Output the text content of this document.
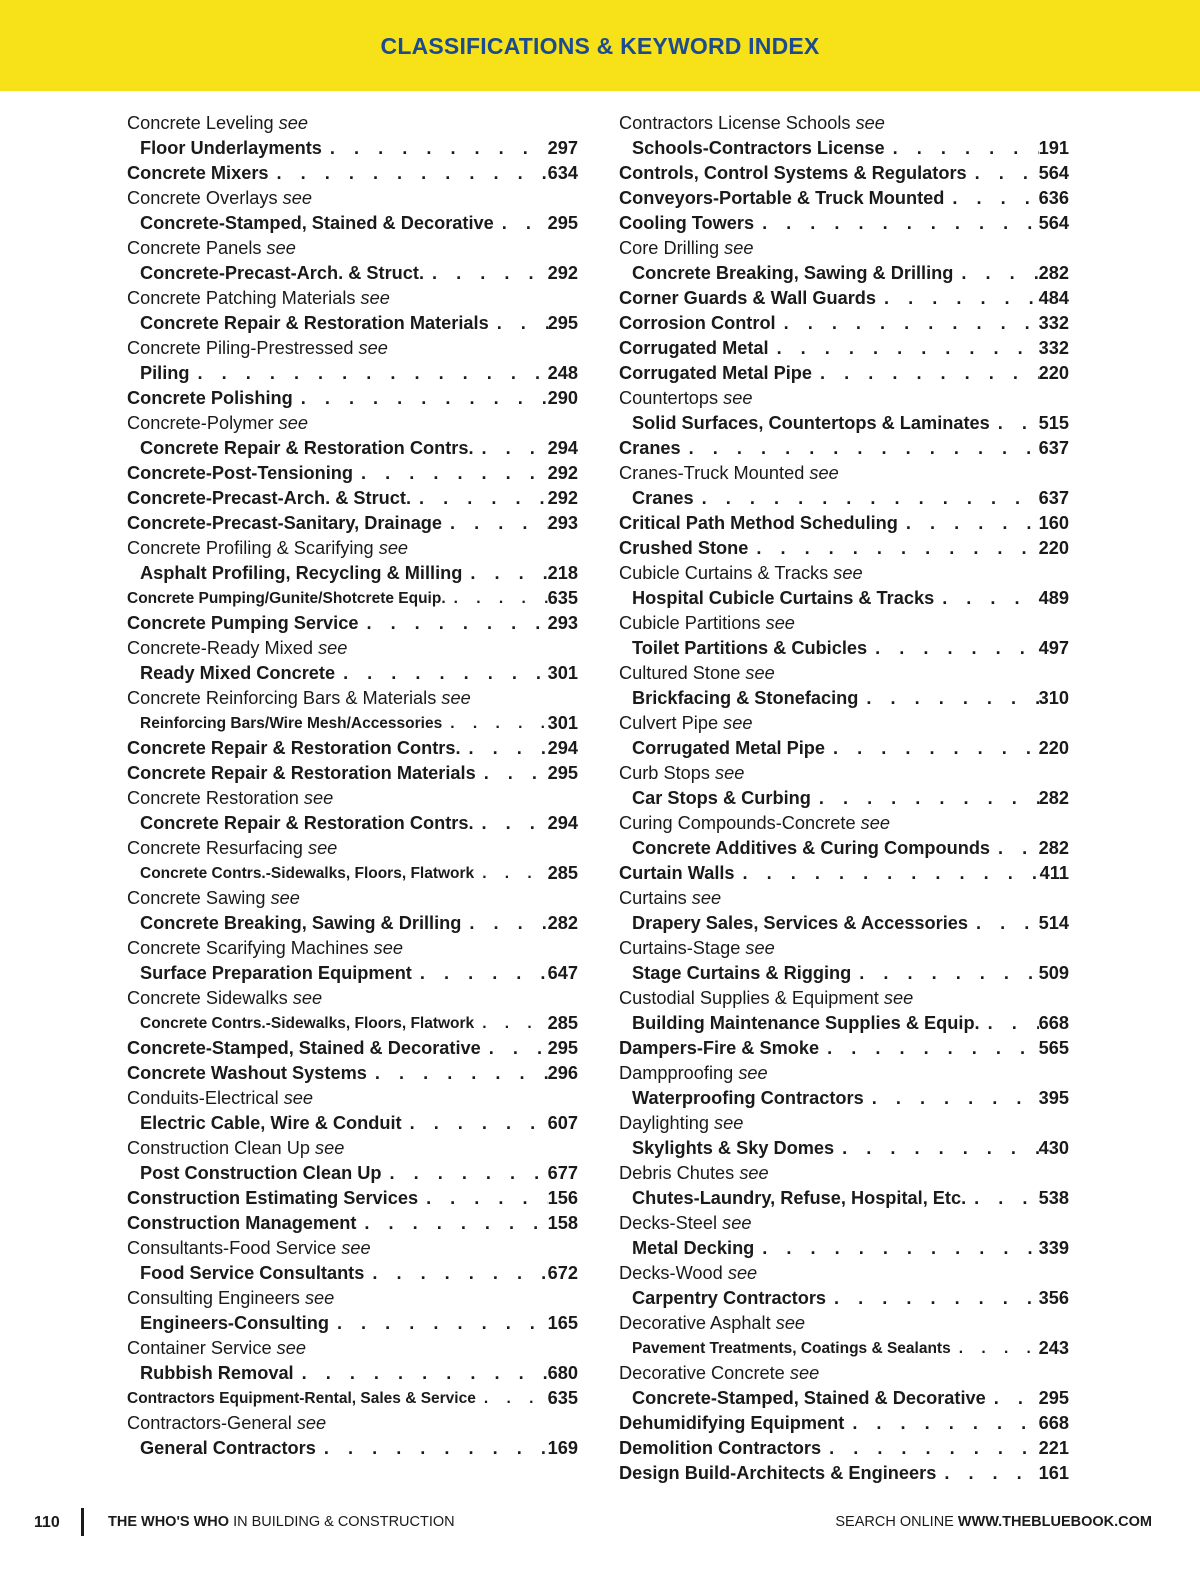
CLASSIFICATIONS & KEYWORD INDEX
Concrete Leveling see
Floor Underlayments . . .	297
Concrete Mixers . . .	634
Concrete Overlays see
Concrete-Stamped, Stained & Decorative . . .	295
Concrete Panels see
Concrete-Precast-Arch. & Struct. . . .	292
Concrete Patching Materials see
Concrete Repair & Restoration Materials . . .	295
Concrete Piling-Prestressed see
Piling . . .	248
Concrete Polishing . . .	290
Concrete-Polymer see
Concrete Repair & Restoration Contrs. . . .	294
Concrete-Post-Tensioning . . .	292
Concrete-Precast-Arch. & Struct. . . .	292
Concrete-Precast-Sanitary, Drainage . . .	293
Concrete Profiling & Scarifying see
Asphalt Profiling, Recycling & Milling . . .	218
Concrete Pumping/Gunite/Shotcrete Equip. . . .	635
Concrete Pumping Service . . .	293
Concrete-Ready Mixed see
Ready Mixed Concrete . . .	301
Concrete Reinforcing Bars & Materials see
Reinforcing Bars/Wire Mesh/Accessories . . .	301
Concrete Repair & Restoration Contrs. . . .	294
Concrete Repair & Restoration Materials . . .	295
Concrete Restoration see
Concrete Repair & Restoration Contrs. . . .	294
Concrete Resurfacing see
Concrete Contrs.-Sidewalks, Floors, Flatwork . . .	285
Concrete Sawing see
Concrete Breaking, Sawing & Drilling . . .	282
Concrete Scarifying Machines see
Surface Preparation Equipment . . .	647
Concrete Sidewalks see
Concrete Contrs.-Sidewalks, Floors, Flatwork . . .	285
Concrete-Stamped, Stained & Decorative . . .	295
Concrete Washout Systems . . .	296
Conduits-Electrical see
Electric Cable, Wire & Conduit . . .	607
Construction Clean Up see
Post Construction Clean Up . . .	677
Construction Estimating Services . . .	156
Construction Management . . .	158
Consultants-Food Service see
Food Service Consultants . . .	672
Consulting Engineers see
Engineers-Consulting . . .	165
Container Service see
Rubbish Removal . . .	680
Contractors Equipment-Rental, Sales & Service . . .	635
Contractors-General see
General Contractors . . .	169
Contractors License Schools see
Schools-Contractors License . . .	191
Controls, Control Systems & Regulators . . .	564
Conveyors-Portable & Truck Mounted . . .	636
Cooling Towers . . .	564
Core Drilling see
Concrete Breaking, Sawing & Drilling . . .	282
Corner Guards & Wall Guards . . .	484
Corrosion Control . . .	332
Corrugated Metal . . .	332
Corrugated Metal Pipe . . .	220
Countertops see
Solid Surfaces, Countertops & Laminates . . .	515
Cranes . . .	637
Cranes-Truck Mounted see
Cranes . . .	637
Critical Path Method Scheduling . . .	160
Crushed Stone . . .	220
Cubicle Curtains & Tracks see
Hospital Cubicle Curtains & Tracks . . .	489
Cubicle Partitions see
Toilet Partitions & Cubicles . . .	497
Cultured Stone see
Brickfacing & Stonefacing . . .	310
Culvert Pipe see
Corrugated Metal Pipe . . .	220
Curb Stops see
Car Stops & Curbing . . .	282
Curing Compounds-Concrete see
Concrete Additives & Curing Compounds . . .	282
Curtain Walls . . .	411
Curtains see
Drapery Sales, Services & Accessories . . .	514
Curtains-Stage see
Stage Curtains & Rigging . . .	509
Custodial Supplies & Equipment see
Building Maintenance Supplies & Equip. . . .	668
Dampers-Fire & Smoke . . .	565
Dampproofing see
Waterproofing Contractors . . .	395
Daylighting see
Skylights & Sky Domes . . .	430
Debris Chutes see
Chutes-Laundry, Refuse, Hospital, Etc. . . .	538
Decks-Steel see
Metal Decking . . .	339
Decks-Wood see
Carpentry Contractors . . .	356
Decorative Asphalt see
Pavement Treatments, Coatings & Sealants . . .	243
Decorative Concrete see
Concrete-Stamped, Stained & Decorative . . .	295
Dehumidifying Equipment . . .	668
Demolition Contractors . . .	221
Design Build-Architects & Engineers . . .	161
110	THE WHO'S WHO IN BUILDING & CONSTRUCTION	SEARCH ONLINE WWW.THEBLUEBOOK.COM
